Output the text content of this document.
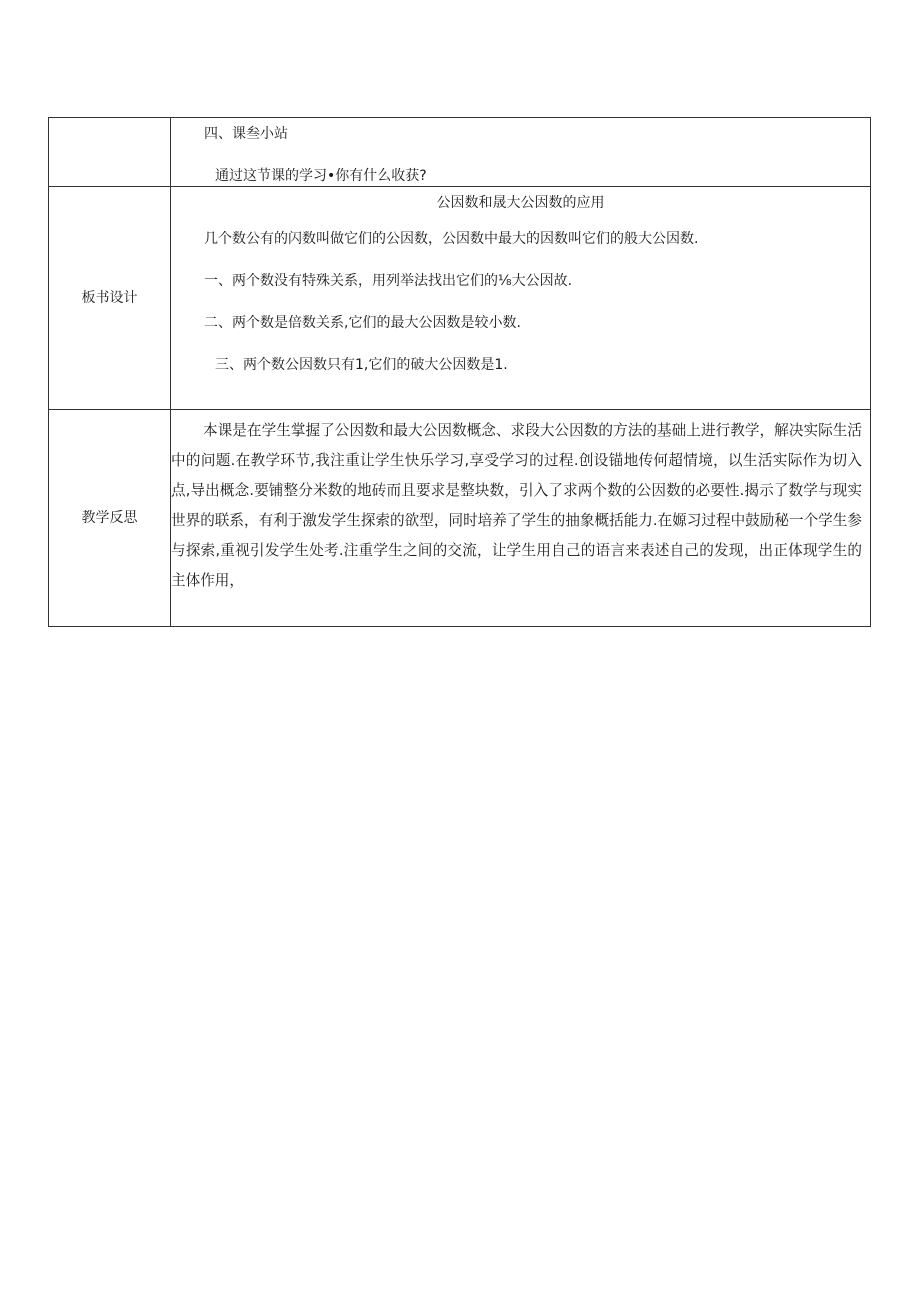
	四、课叁小站
通过这节课的学习•你有什么收获?

板书设计	公因数和晟大公因数的应用
几个数公有的闪数叫做它们的公因数，公因数中最大的因数叫它们的般大公因数.
一、两个数没有特殊关系，用列举法找出它们的⅛大公因故.
二、两个数是倍数关系,它们的最大公因数是较小数.
三、两个数公因数只有1,它们的破大公因数是1.

教学反思	本课是在学生掌握了公因数和最大公因数概念、求段大公因数的方法的基础上进行教学，解决实际生活中的问题.在教学环节,我注重让学生快乐学习,享受学习的过程.创设锚地传何超情境，以生活实际作为切入点,导出概念.要铺整分米数的地砖而且要求是整块数，引入了求两个数的公因数的必要性.揭示了数学与现实世界的联系，有利于激发学生探索的欲型，同时培养了学生的抽象概括能力.在嫄习过程中鼓励秘一个学生参与探索,重视引发学生处考.注重学生之间的交流，让学生用自己的语言来表述自己的发现，出正体现学生的主体作用，
